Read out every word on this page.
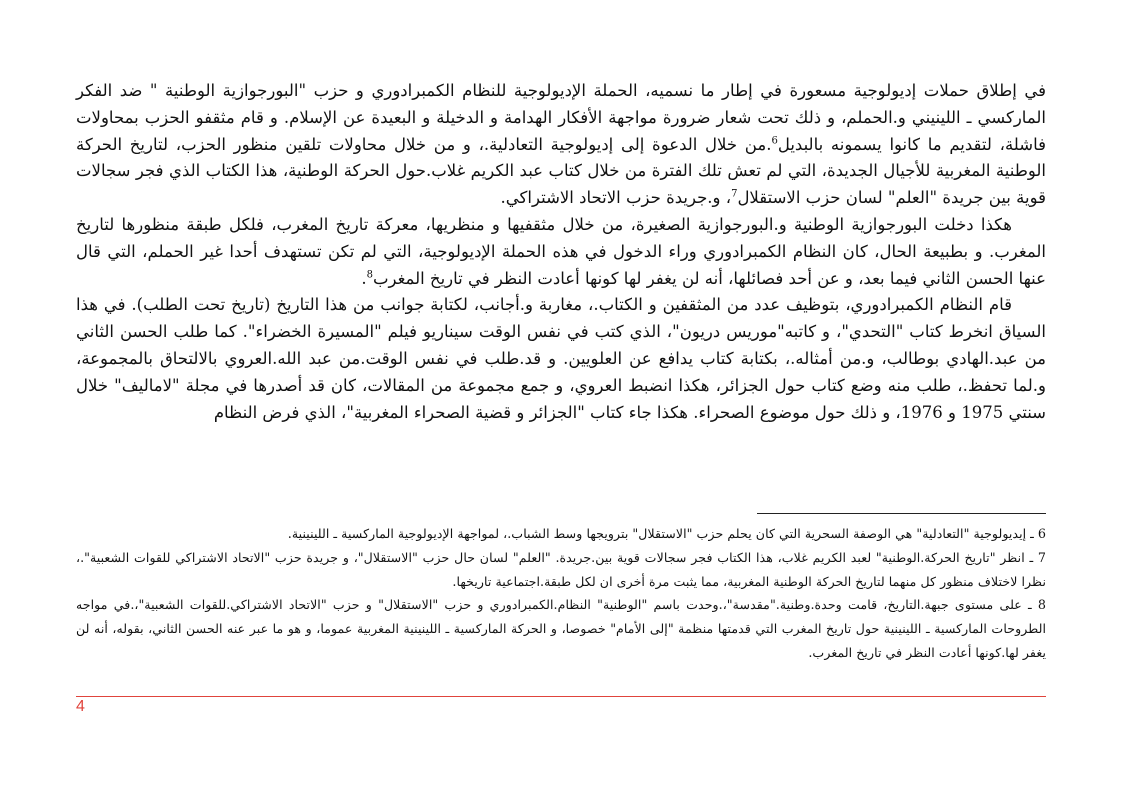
في إطلاق حملات إديولوجية مسعورة في إطار ما نسميه، الحملة الإديولوجية للنظام الكمبرادوري و حزب "البورجوازية الوطنية " ضد الفكر الماركسي ـ اللينيني و.الحملم، و ذلك تحت شعار ضرورة مواجهة الأفكار الهدامة و الدخيلة و البعيدة عن الإسلام. و قام مثقفو الحزب بمحاولات فاشلة، لتقديم ما كانوا يسمونه بالبديل$^6$.من خلال الدعوة إلى إديولوجية التعادلية.، و من خلال محاولات تلقين منظور الحزب، لتاريخ الحركة الوطنية المغربية للأجيال الجديدة، التي لم تعش تلك الفترة من خلال كتاب عبد الكريم غلاب.حول الحركة الوطنية، هذا الكتاب الذي فجر سجالات قوية بين جريدة "العلم" لسان حزب الاستقلال$^7$، و.جريدة حزب الاتحاد الاشتراكي.

هكذا دخلت البورجوازية الوطنية و.البورجوازية الصغيرة، من خلال مثقفيها و منظريها، معركة تاريخ المغرب، فلكل طبقة منظورها لتاريخ المغرب. و بطبيعة الحال، كان النظام الكمبرادوري وراء الدخول في هذه الحملة الإديولوجية، التي لم تكن تستهدف أحدا غير الحملم، التي قال عنها الحسن الثاني فيما بعد، و عن أحد فصائلها، أنه لن يغفر لها كونها أعادت النظر في تاريخ المغرب$^8$.

قام النظام الكمبرادوري، بتوظيف عدد من المثقفين و الكتاب.، مغاربة و.أجانب، لكتابة جوانب من هذا التاريخ (تاريخ تحت الطلب). في هذا السياق انخرط كتاب "التحدي"، و كاتبه"موريس دريون"، الذي كتب في نفس الوقت سيناريو فيلم "المسيرة الخضراء". كما طلب الحسن الثاني من عبد.الهادي بوطالب، و.من أمثاله.، بكتابة كتاب يدافع عن العلويين. و قد.طلب في نفس الوقت.من عبد الله.العروي بالالتحاق بالمجموعة، و.لما تحفظ.، طلب منه وضع كتاب حول الجزائر، هكذا انضبط العروي، و جمع مجموعة من المقالات، كان قد أصدرها في مجلة "لاماليف" خلال سنتي 1975 و 1976، و ذلك حول موضوع الصحراء. هكذا جاء كتاب "الجزائر و قضية الصحراء المغربية"، الذي فرض النظام

6 ـ إيديولوجية "التعادلية" هي الوصفة السحرية التي كان يحلم حزب "الاستقلال" بترويجها وسط الشباب.، لمواجهة الإديولوجية الماركسية ـ اللينينية.

7 ـ انظر "تاريخ الحركة.الوطنية" لعبد الكريم غلاب، هذا الكتاب فجر سجالات قوية بين.جريدة. "العلم" لسان حال حزب "الاستقلال"، و جريدة حزب "الاتحاد الاشتراكي للقوات الشعبية".، نظرا لاختلاف منظور كل منهما لتاريخ الحركة الوطنية المغربية، مما يثبت مرة أخرى ان لكل طبقة.اجتماعية تاريخها.

8 ـ على مستوى جبهة.التاريخ، قامت وحدة.وطنية."مقدسة"،.وحدت باسم "الوطنية" النظام.الكمبرادوري و حزب "الاستقلال" و حزب "الاتحاد الاشتراكي.للقوات الشعبية"،.في مواجه الطروحات الماركسية ـ اللينينية حول تاريخ المغرب التي قدمتها منظمة "إلى الأمام" خصوصا، و الحركة الماركسية ـ اللينينية المغربية عموما، و هو ما عبر عنه الحسن الثاني، بقوله، أنه لن يغفر لها.كونها أعادت النظر في تاريخ المغرب.

4
